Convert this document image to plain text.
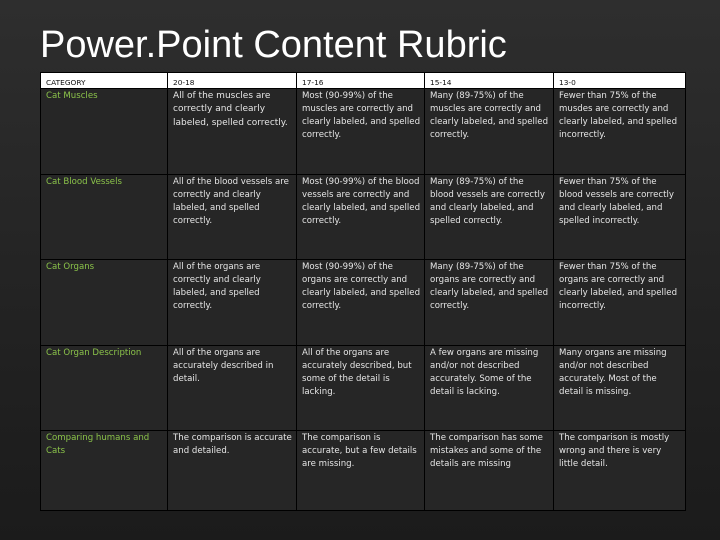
Power.Point Content Rubric
CATEGORY	20-18	17-16	15-14	13-0
Cat Muscles	All of the muscles are correctly and clearly labeled, spelled correctly.	Most (90-99%) of the muscles are correctly and clearly labeled, and spelled correctly.	Many (89-75%) of the muscles are correctly and clearly labeled, and spelled correctly.	Fewer than 75% of the musdes are correctly and clearly labeled, and spelled incorrectly.
Cat Blood Vessels	All of the blood vessels are correctly and clearly labeled, and spelled correctly.	Most (90-99%) of the blood vessels are correctly and clearly labeled, and spelled correctly.	Many (89-75%) of the blood vessels are correctly and clearly labeled, and spelled correctly.	Fewer than 75% of the blood vessels are correctly and clearly labeled, and spelled incorrectly.
Cat Organs	All of the organs are correctly and clearly labeled, and spelled correctly.	Most (90-99%) of the organs are correctly and clearly labeled, and spelled correctly.	Many (89-75%) of the organs are correctly and clearly labeled, and spelled correctly.	Fewer than 75% of the organs are correctly and clearly labeled, and spelled incorrectly.
Cat Organ Description	All of the organs are accurately described in detail.	All of the organs are accurately described, but some of the detail is lacking.	A few organs are missing and/or not described accurately. Some of the detail is lacking.	Many organs are missing and/or not described accurately. Most of the detail is missing.
Comparing humans and Cats	The comparison is accurate and detailed.	The comparison is accurate, but a few details are missing.	The comparison has some mistakes and some of the details are missing	The comparison is mostly wrong and there is very little detail.
